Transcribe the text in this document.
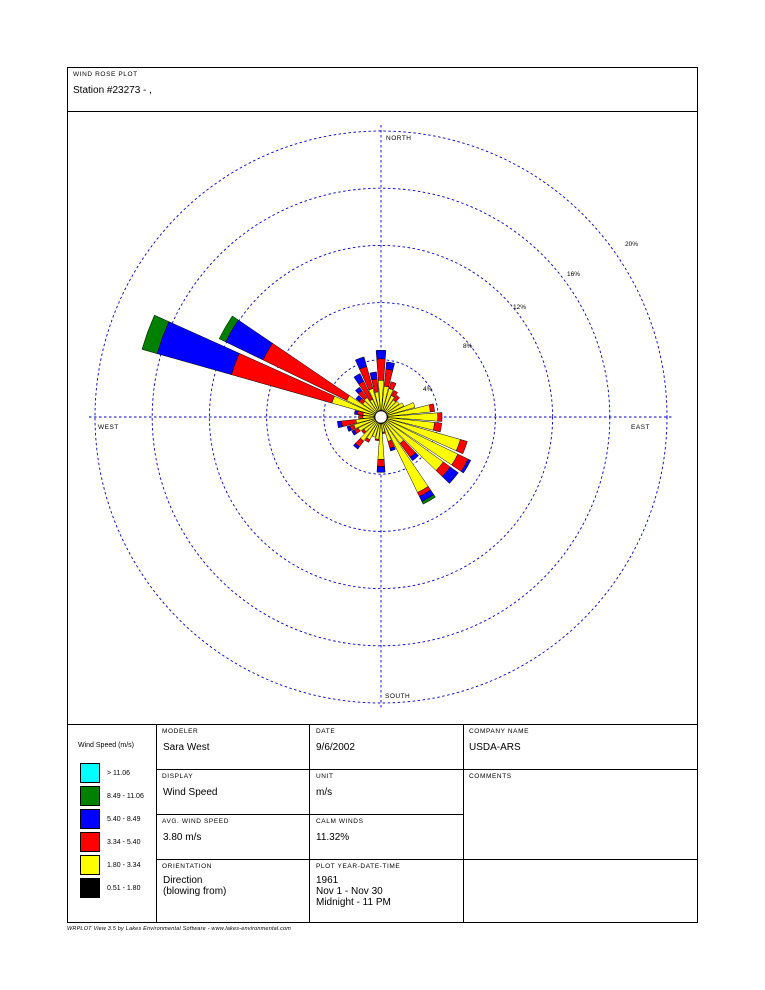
WIND ROSE PLOT
Station #23273 - ,
4%
8%
12%
16%
20%
NORTH
SOUTH
EAST
WEST
Wind Speed (m/s)
> 11.06
8.49 - 11.06
5.40 - 8.49
3.34 - 5.40
1.80 - 3.34
0.51 - 1.80
MODELER
Sara West
DATE
9/6/2002
COMPANY NAME
USDA-ARS
DISPLAY
Wind Speed
UNIT
m/s
COMMENTS
AVG. WIND SPEED
3.80 m/s
CALM WINDS
11.32%
ORIENTATION
Direction
(blowing from)
PLOT YEAR-DATE-TIME
1961
Nov 1 - Nov 30
Midnight - 11 PM
WRPLOT View 3.5 by Lakes Environmental Software - www.lakes-environmental.com
